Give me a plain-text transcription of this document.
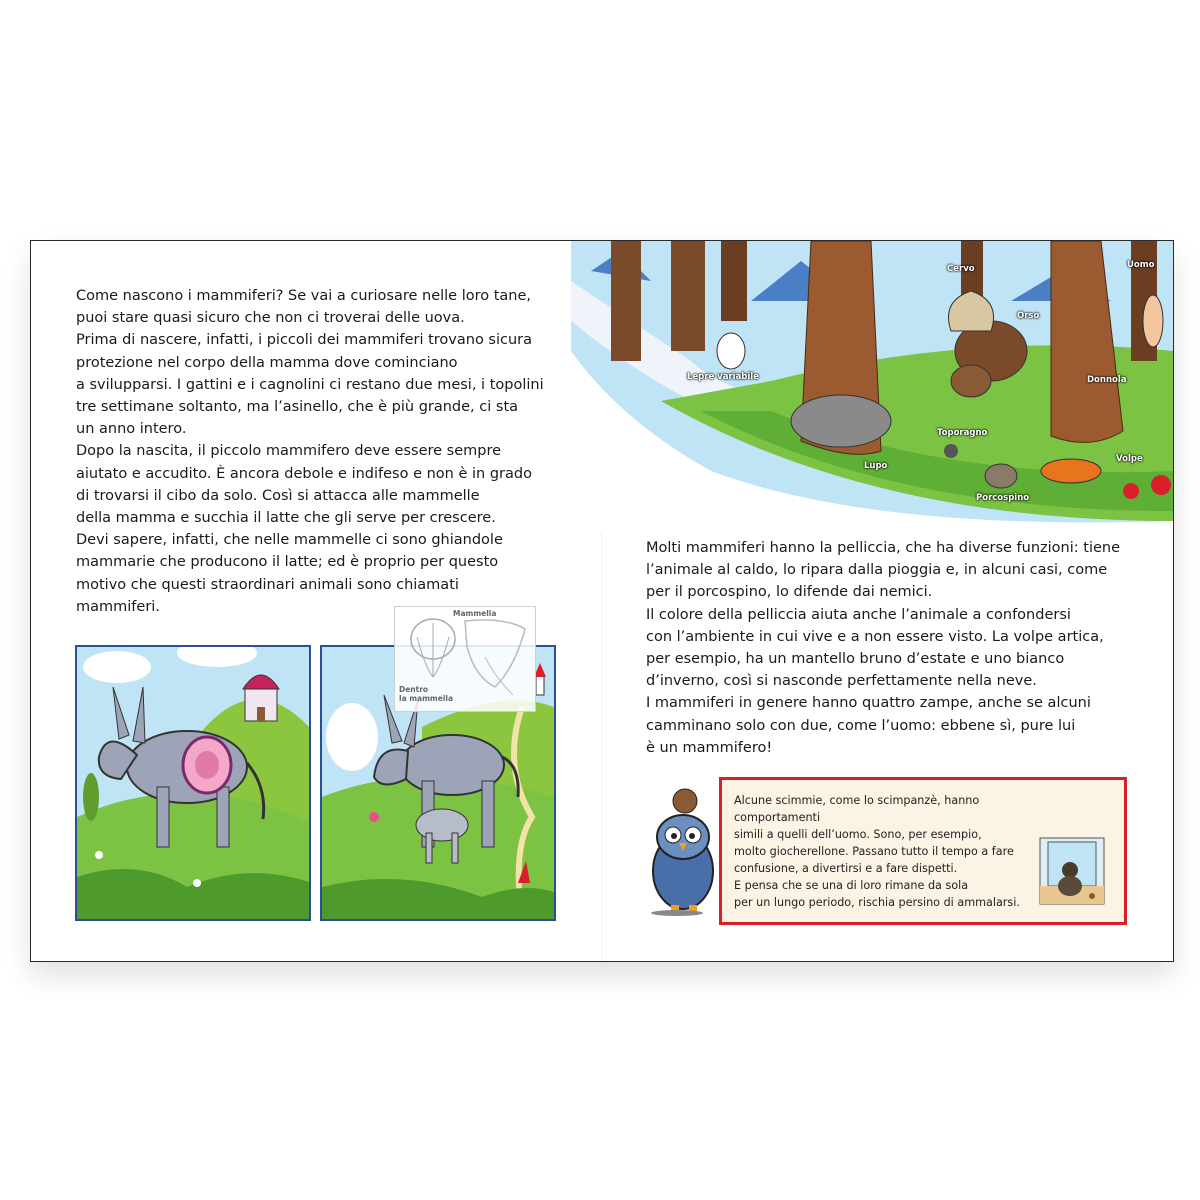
Come nascono i mammiferi? Se vai a curiosare nelle loro tane,

puoi stare quasi sicuro che non ci troverai delle uova.

Prima di nascere, infatti, i piccoli dei mammiferi trovano sicura

protezione nel corpo della mamma dove cominciano

a svilupparsi. I gattini e i cagnolini ci restano due mesi, i topolini

tre settimane soltanto, ma l’asinello, che è più grande, ci sta

un anno intero.

Dopo la nascita, il piccolo mammifero deve essere sempre

aiutato e accudito. È ancora debole e indifeso e non è in grado

di trovarsi il cibo da solo. Così si attacca alle mammelle

della mamma e succhia il latte che gli serve per crescere.

Devi sapere, infatti, che nelle mammelle ci sono ghiandole

mammarie che producono il latte; ed è proprio per questo

motivo che questi straordinari animali sono chiamati

mammiferi.	Mammella
Dentro
la mammella
Cervo	Uomo
Orso
Lepre variabile	Donnola
Toporagno
Lupo
Volpe
Porcospino

Molti mammiferi hanno la pelliccia, che ha diverse funzioni: tiene

l’animale al caldo, lo ripara dalla pioggia e, in alcuni casi, come

per il porcospino, lo difende dai nemici.

Il colore della pelliccia aiuta anche l’animale a confondersi

con l’ambiente in cui vive e a non essere visto. La volpe artica,

per esempio, ha un mantello bruno d’estate e uno bianco

d’inverno, così si nasconde perfettamente nella neve.

I mammiferi in genere hanno quattro zampe, anche se alcuni

camminano solo con due, come l’uomo: ebbene sì, pure lui

è un mammifero!

Alcune scimmie, come lo scimpanzè, hanno comportamenti

simili a quelli dell’uomo. Sono, per esempio,

molto giocherellone. Passano tutto il tempo a fare

confusione, a divertirsi e a fare dispetti.

E pensa che se una di loro rimane da sola

per un lungo periodo, rischia persino di ammalarsi.
